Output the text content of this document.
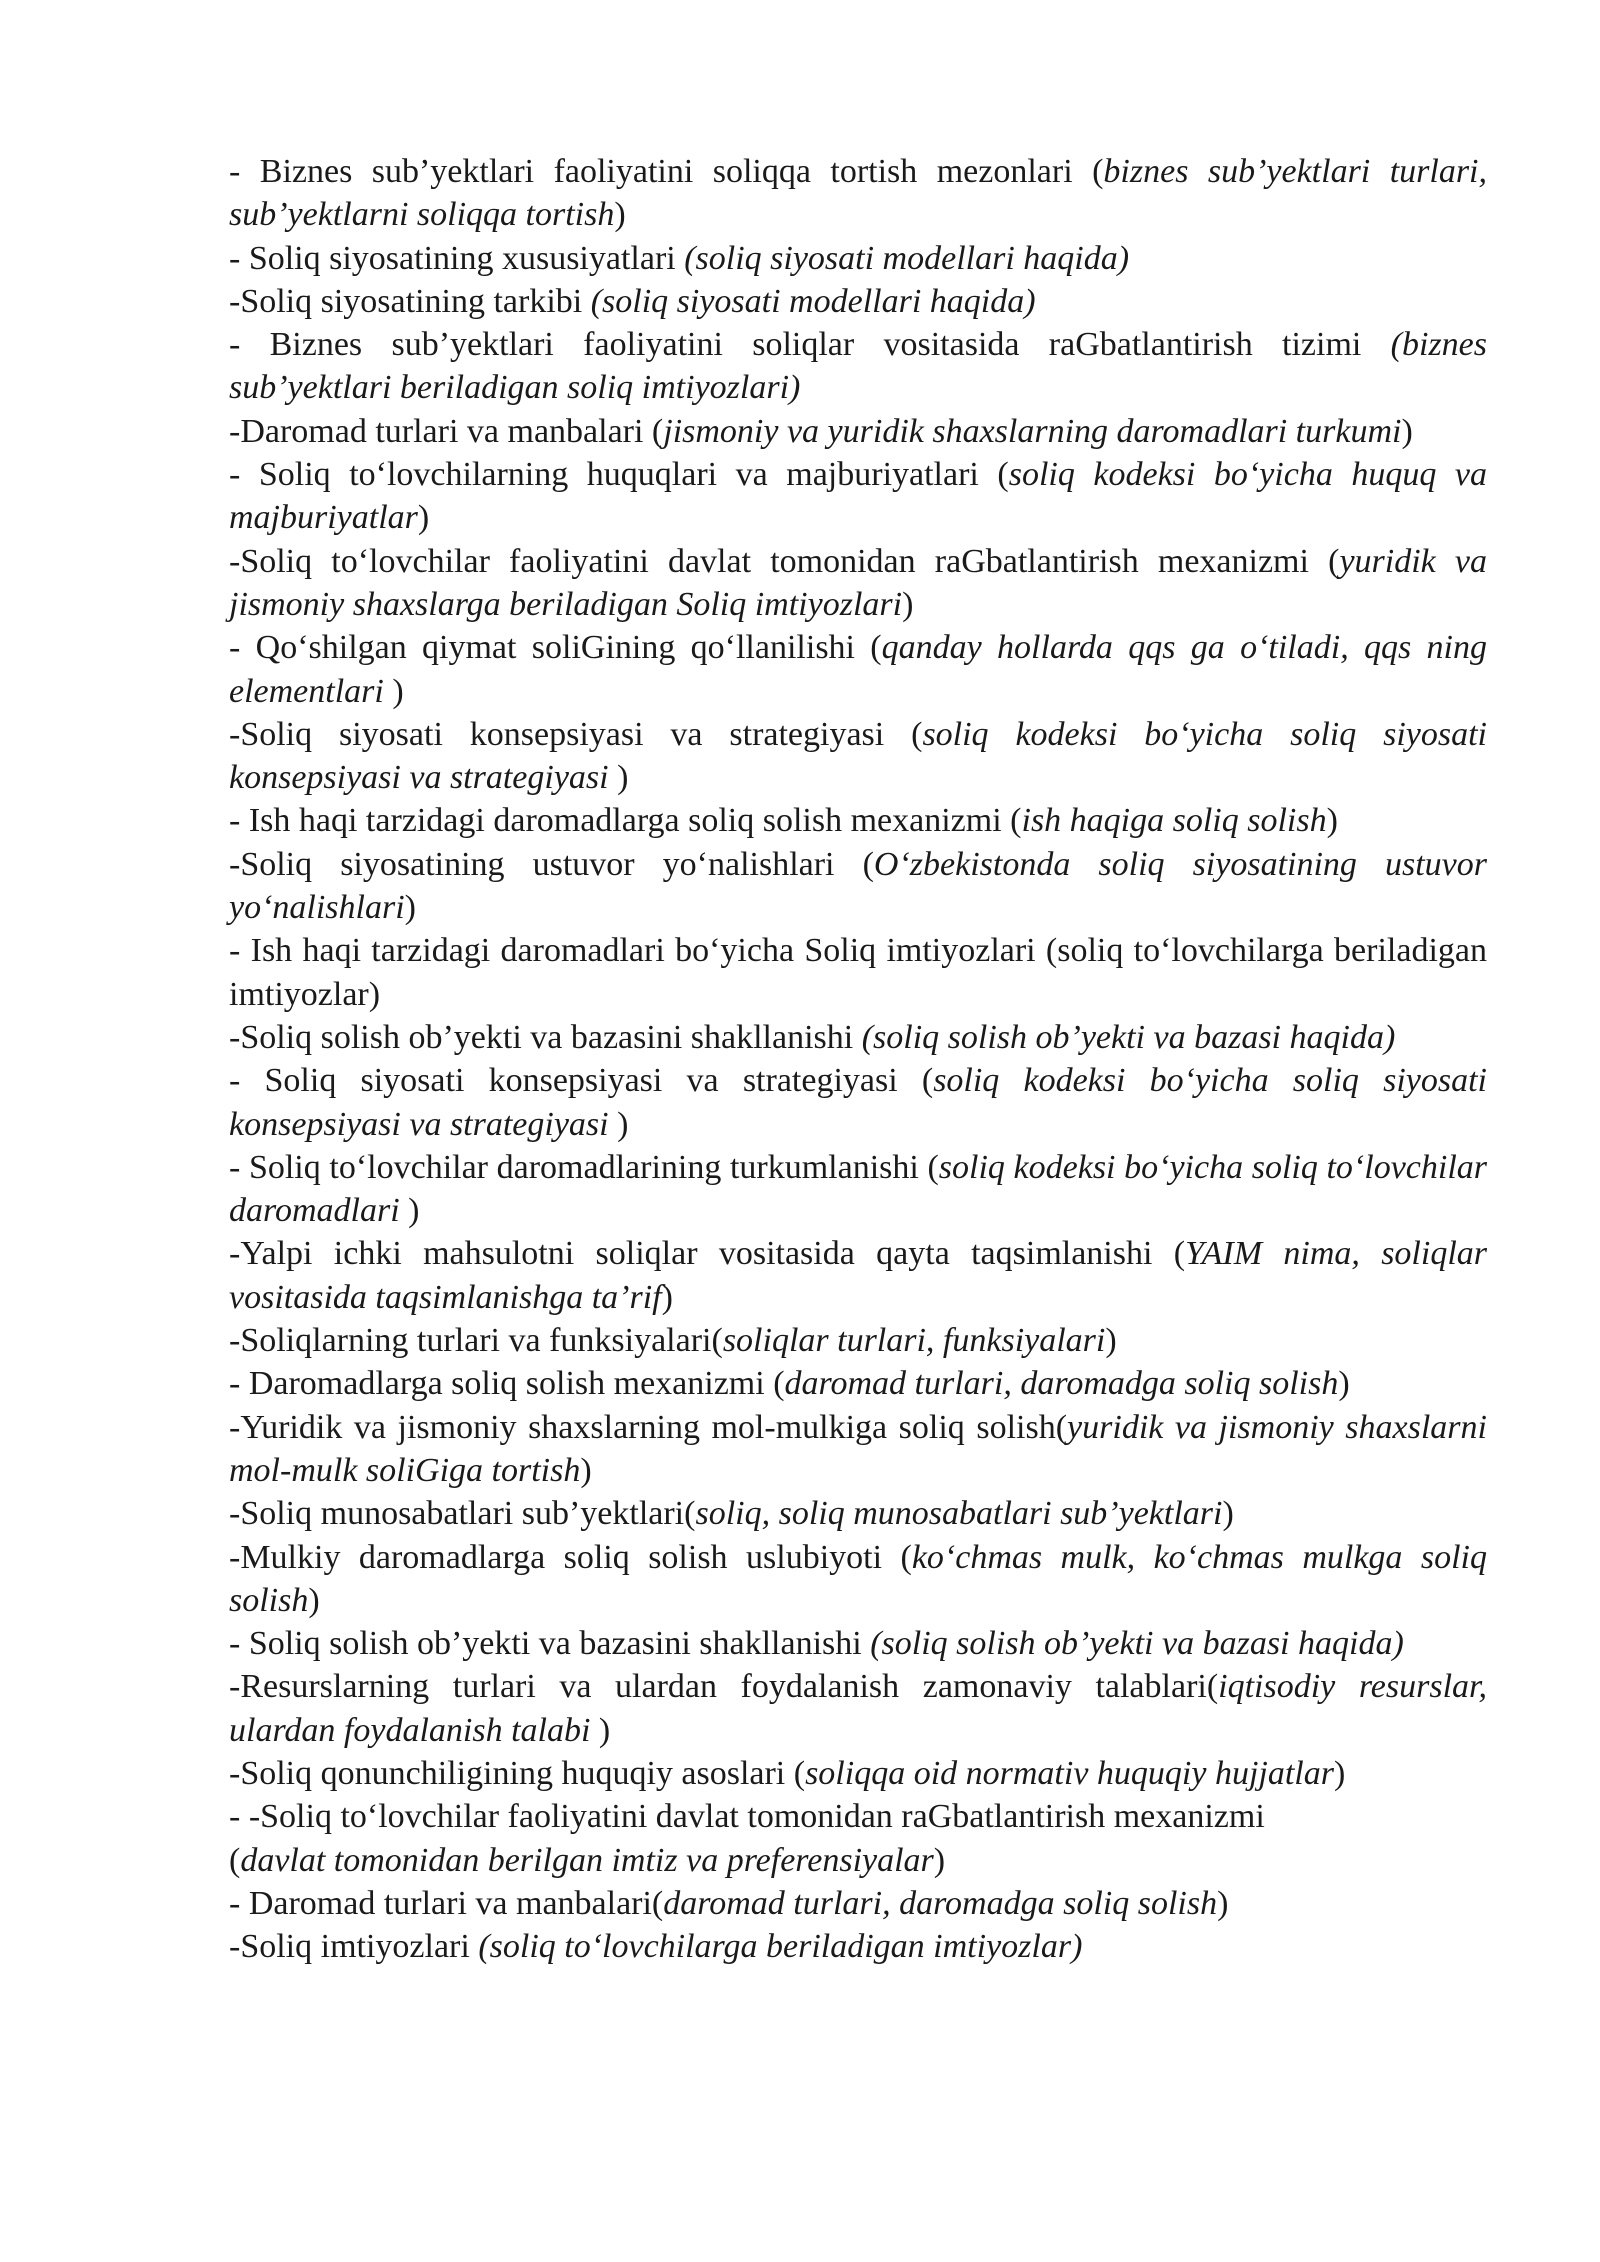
- Biznes sub’yektlari faoliyatini soliqqa tortish mezonlari (biznes sub’yektlari turlari, sub’yektlarni soliqqa tortish)

- Soliq siyosatining xususiyatlari (soliq siyosati modellari haqida)

-Soliq siyosatining tarkibi (soliq siyosati modellari haqida)

- Biznes sub’yektlari faoliyatini soliqlar vositasida raGbatlantirish tizimi (biznes sub’yektlari beriladigan soliq imtiyozlari)

-Daromad turlari va manbalari (jismoniy va yuridik shaxslarning daromadlari turkumi)

- Soliq to‘lovchilarning huquqlari va majburiyatlari (soliq kodeksi bo‘yicha huquq va majburiyatlar)

-Soliq to‘lovchilar faoliyatini davlat tomonidan raGbatlantirish mexanizmi (yuridik va jismoniy shaxslarga beriladigan Soliq imtiyozlari)

- Qo‘shilgan qiymat soliGining qo‘llanilishi (qanday hollarda qqs ga o‘tiladi, qqs ning elementlari )

-Soliq siyosati konsepsiyasi va strategiyasi (soliq kodeksi bo‘yicha soliq siyosati konsepsiyasi va strategiyasi )

- Ish haqi tarzidagi daromadlarga soliq solish mexanizmi (ish haqiga soliq solish)

-Soliq siyosatining ustuvor yo‘nalishlari (O‘zbekistonda soliq siyosatining ustuvor yo‘nalishlari)

- Ish haqi tarzidagi daromadlari bo‘yicha Soliq imtiyozlari (soliq to‘lovchilarga beriladigan imtiyozlar)

-Soliq solish ob’yekti va bazasini shakllanishi (soliq solish ob’yekti va bazasi haqida)

- Soliq siyosati konsepsiyasi va strategiyasi (soliq kodeksi bo‘yicha soliq siyosati konsepsiyasi va strategiyasi )

- Soliq to‘lovchilar daromadlarining turkumlanishi (soliq kodeksi bo‘yicha soliq to‘lovchilar daromadlari )

-Yalpi ichki mahsulotni soliqlar vositasida qayta taqsimlanishi (YAIM nima, soliqlar vositasida taqsimlanishga ta’rif)

-Soliqlarning turlari va funksiyalari(soliqlar turlari, funksiyalari)

- Daromadlarga soliq solish mexanizmi (daromad turlari, daromadga soliq solish)

-Yuridik va jismoniy shaxslarning mol-mulkiga soliq solish(yuridik va jismoniy shaxslarni mol-mulk soliGiga tortish)

-Soliq munosabatlari sub’yektlari(soliq, soliq munosabatlari sub’yektlari)

-Mulkiy daromadlarga soliq solish uslubiyoti (ko‘chmas mulk, ko‘chmas mulkga soliq solish)

- Soliq solish ob’yekti va bazasini shakllanishi (soliq solish ob’yekti va bazasi haqida)

-Resurslarning turlari va ulardan foydalanish zamonaviy talablari(iqtisodiy resurslar, ulardan foydalanish talabi )

-Soliq qonunchiligining huquqiy asoslari (soliqqa oid normativ huquqiy hujjatlar)

- -Soliq to‘lovchilar faoliyatini davlat tomonidan raGbatlantirish mexanizmi

(davlat tomonidan berilgan imtiz va preferensiyalar)

- Daromad turlari va manbalari(daromad turlari, daromadga soliq solish)

-Soliq imtiyozlari (soliq to‘lovchilarga beriladigan imtiyozlar)
